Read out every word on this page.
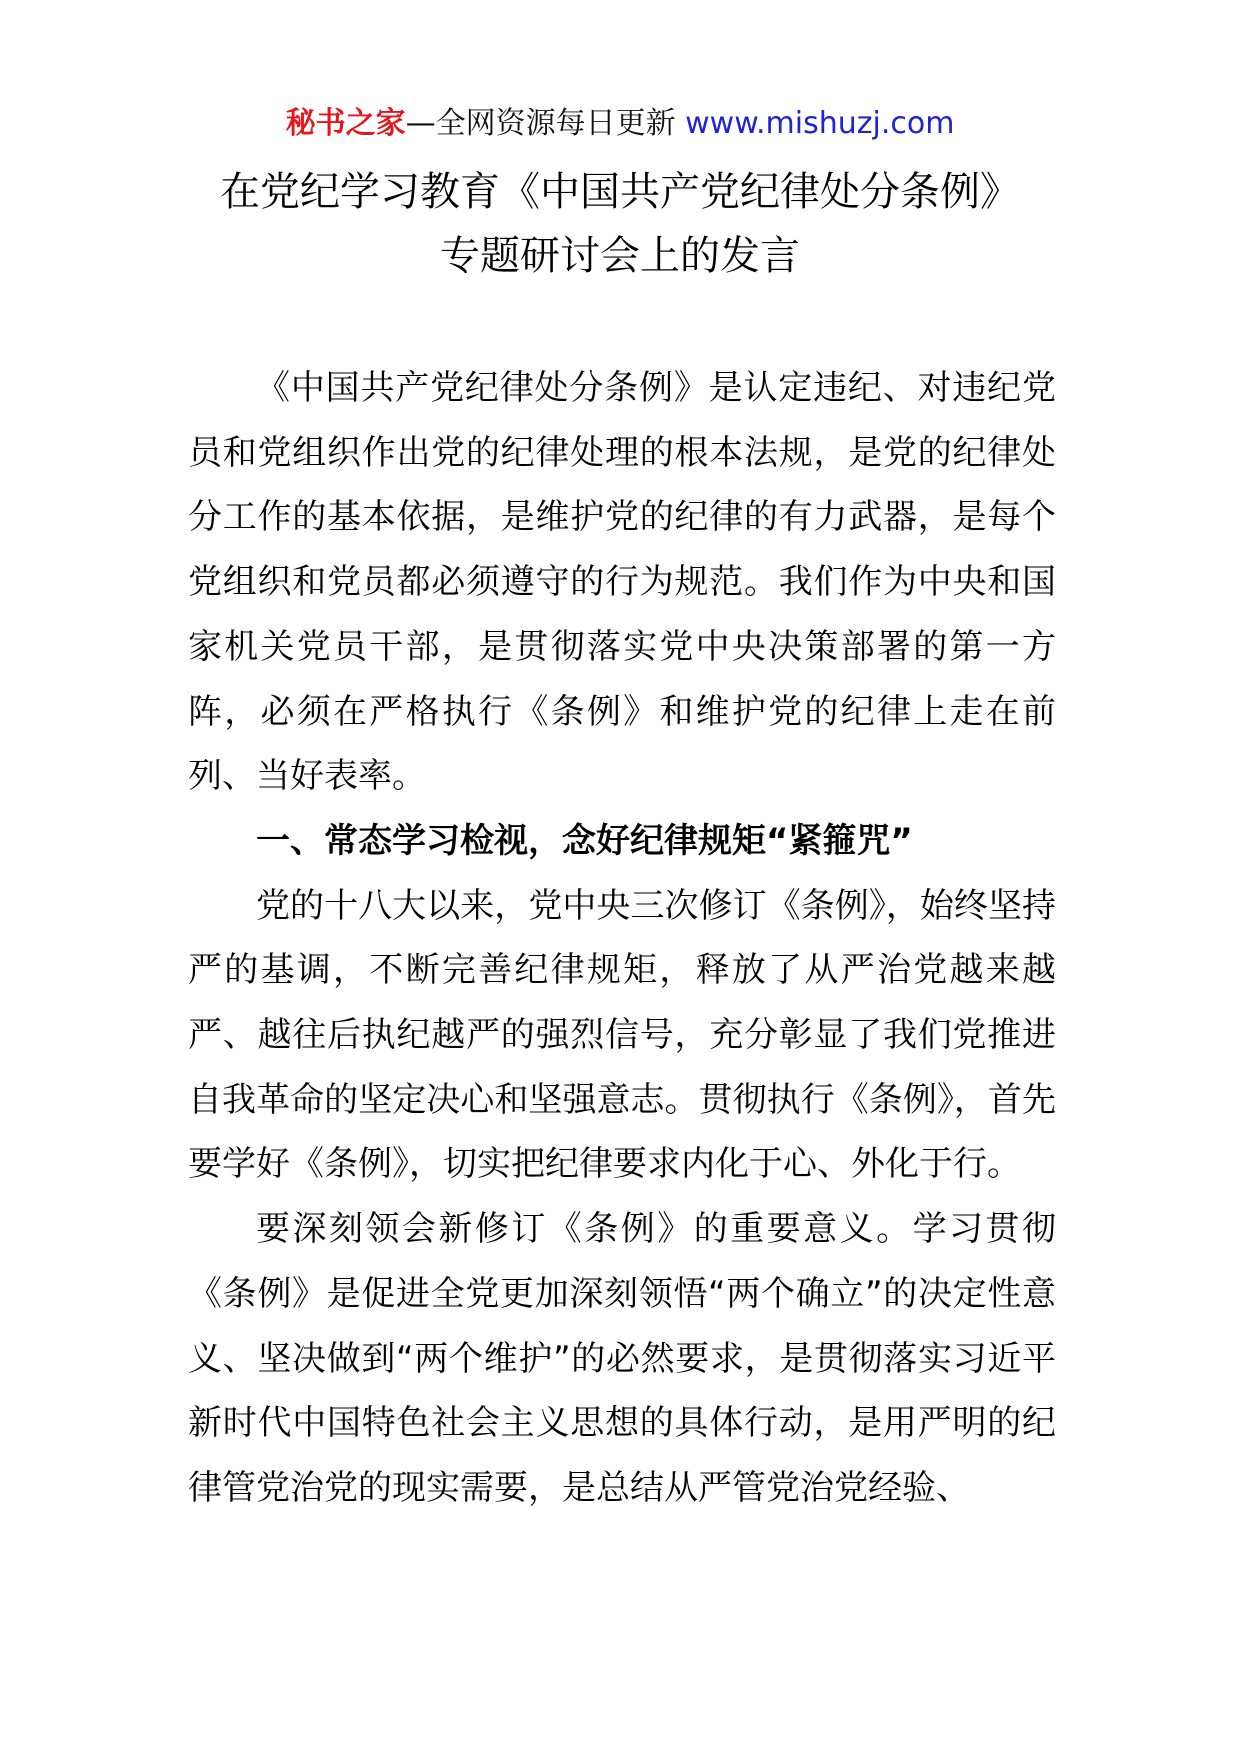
秘书之家—全网资源每日更新 www.mishuzj.com
在党纪学习教育《中国共产党纪律处分条例》
专题研讨会上的发言

《中国共产党纪律处分条例》是认定违纪、对违纪党员和党组织作出党的纪律处理的根本法规，是党的纪律处分工作的基本依据，是维护党的纪律的有力武器，是每个党组织和党员都必须遵守的行为规范。我们作为中央和国家机关党员干部，是贯彻落实党中央决策部署的第一方阵，必须在严格执行《条例》和维护党的纪律上走在前列、当好表率。

一、常态学习检视，念好纪律规矩“紧箍咒”

党的十八大以来，党中央三次修订《条例》，始终坚持严的基调，不断完善纪律规矩，释放了从严治党越来越严、越往后执纪越严的强烈信号，充分彰显了我们党推进自我革命的坚定决心和坚强意志。贯彻执行《条例》，首先要学好《条例》，切实把纪律要求内化于心、外化于行。

要深刻领会新修订《条例》的重要意义。学习贯彻《条例》是促进全党更加深刻领悟“两个确立”的决定性意义、坚决做到“两个维护”的必然要求，是贯彻落实习近平新时代中国特色社会主义思想的具体行动，是用严明的纪律管党治党的现实需要，是总结从严管党治党经验、
